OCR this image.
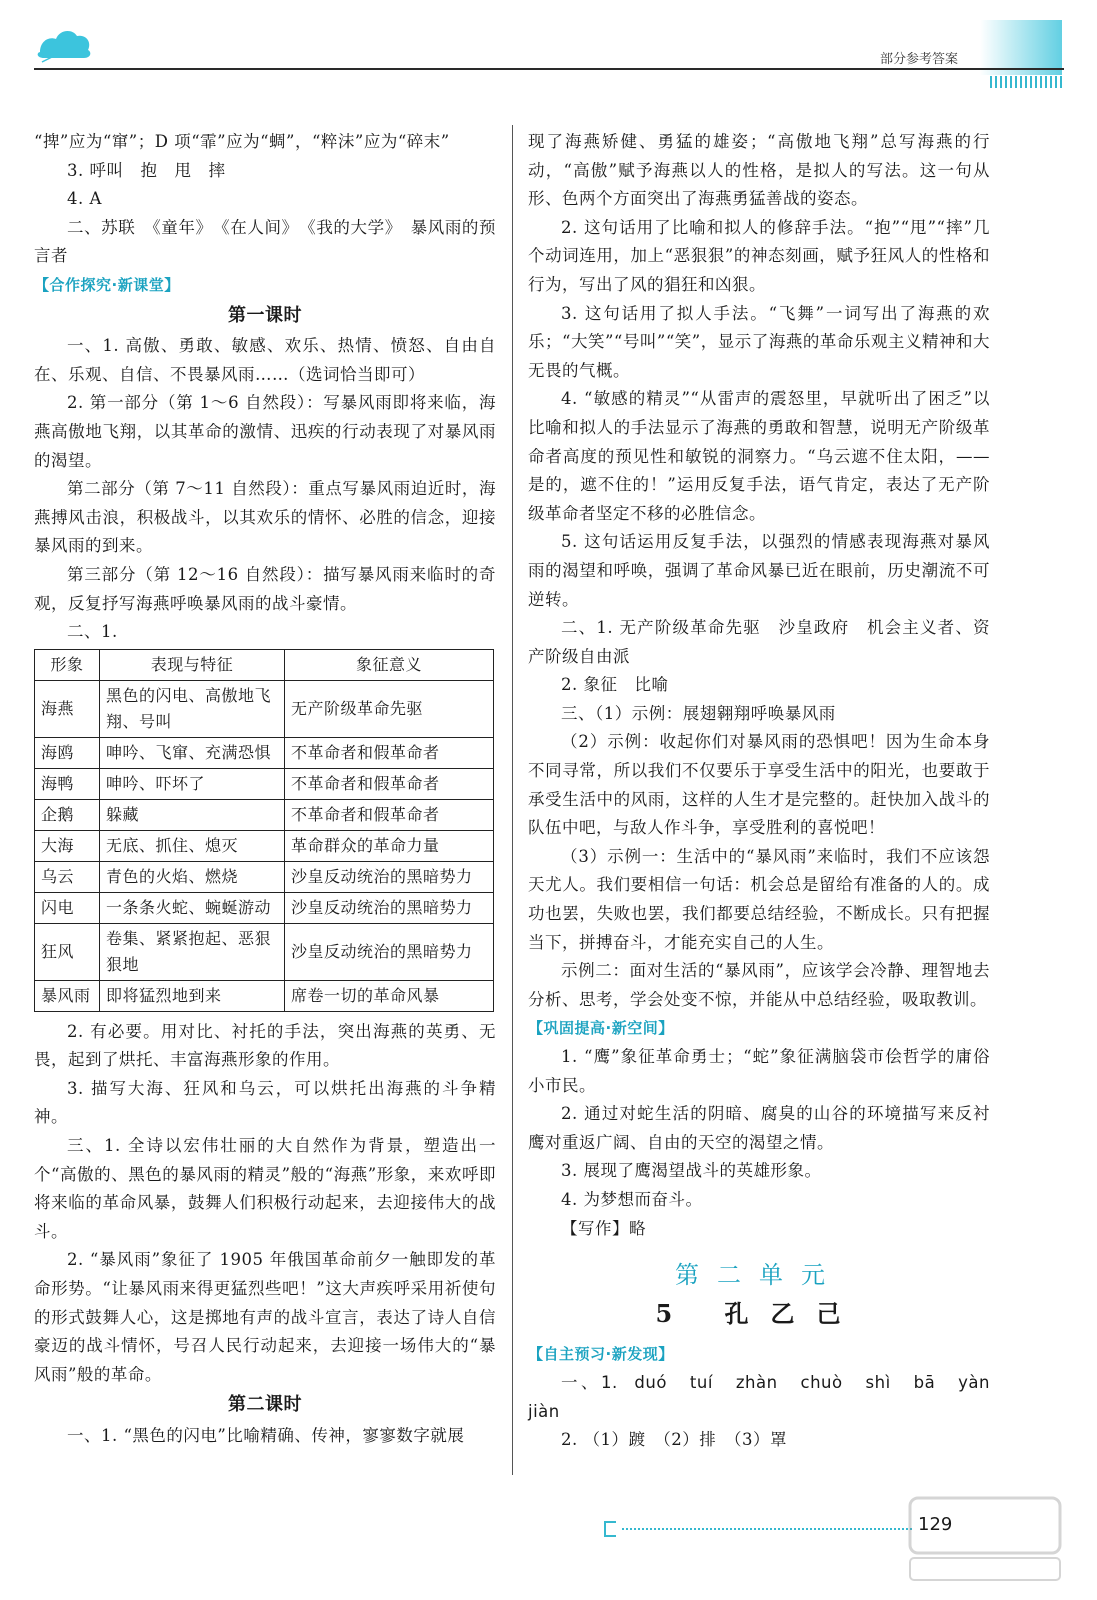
部分参考答案

“捭”应为“窜”；D 项“霏”应为“蜩”，“粹沫”应为“碎末”

3. 呼叫　抱　甩　摔

4. A

二、苏联　《童年》　《在人间》　《我的大学》　暴风雨的预言者

【合作探究·新课堂】

第一课时

一、1. 高傲、勇敢、敏感、欢乐、热情、愤怒、自由自在、乐观、自信、不畏暴风雨……（选词恰当即可）

2. 第一部分（第 1～6 自然段）：写暴风雨即将来临，海燕高傲地飞翔，以其革命的激情、迅疾的行动表现了对暴风雨的渴望。

第二部分（第 7～11 自然段）：重点写暴风雨迫近时，海燕搏风击浪，积极战斗，以其欢乐的情怀、必胜的信念，迎接暴风雨的到来。

第三部分（第 12～16 自然段）：描写暴风雨来临时的奇观，反复抒写海燕呼唤暴风雨的战斗豪情。

二、1.

形象	表现与特征	象征意义
海燕	黑色的闪电、高傲地飞翔、号叫	无产阶级革命先驱
海鸥	呻吟、飞窜、充满恐惧	不革命者和假革命者
海鸭	呻吟、吓坏了	不革命者和假革命者
企鹅	躲藏	不革命者和假革命者
大海	无底、抓住、熄灭	革命群众的革命力量
乌云	青色的火焰、燃烧	沙皇反动统治的黑暗势力
闪电	一条条火蛇、蜿蜒游动	沙皇反动统治的黑暗势力
狂风	卷集、紧紧抱起、恶狠狠地	沙皇反动统治的黑暗势力
暴风雨	即将猛烈地到来	席卷一切的革命风暴

2. 有必要。用对比、衬托的手法，突出海燕的英勇、无畏，起到了烘托、丰富海燕形象的作用。

3. 描写大海、狂风和乌云，可以烘托出海燕的斗争精神。

三、1. 全诗以宏伟壮丽的大自然作为背景，塑造出一个“高傲的、黑色的暴风雨的精灵”般的“海燕”形象，来欢呼即将来临的革命风暴，鼓舞人们积极行动起来，去迎接伟大的战斗。

2. “暴风雨”象征了 1905 年俄国革命前夕一触即发的革命形势。“让暴风雨来得更猛烈些吧！”这大声疾呼采用祈使句的形式鼓舞人心，这是掷地有声的战斗宣言，表达了诗人自信豪迈的战斗情怀，号召人民行动起来，去迎接一场伟大的“暴风雨”般的革命。

第二课时

一、1. “黑色的闪电”比喻精确、传神，寥寥数字就展

现了海燕矫健、勇猛的雄姿；“高傲地飞翔”总写海燕的行动，“高傲”赋予海燕以人的性格，是拟人的写法。这一句从形、色两个方面突出了海燕勇猛善战的姿态。

2. 这句话用了比喻和拟人的修辞手法。“抱”“甩”“摔”几个动词连用，加上“恶狠狠”的神态刻画，赋予狂风人的性格和行为，写出了风的猖狂和凶狠。

3. 这句话用了拟人手法。“飞舞”一词写出了海燕的欢乐；“大笑”“号叫”“笑”，显示了海燕的革命乐观主义精神和大无畏的气概。

4. “敏感的精灵”“从雷声的震怒里，早就听出了困乏”以比喻和拟人的手法显示了海燕的勇敢和智慧，说明无产阶级革命者高度的预见性和敏锐的洞察力。“乌云遮不住太阳，——是的，遮不住的！”运用反复手法，语气肯定，表达了无产阶级革命者坚定不移的必胜信念。

5. 这句话运用反复手法，以强烈的情感表现海燕对暴风雨的渴望和呼唤，强调了革命风暴已近在眼前，历史潮流不可逆转。

二、1. 无产阶级革命先驱　沙皇政府　机会主义者、资产阶级自由派

2. 象征　比喻

三、（1）示例：展翅翱翔呼唤暴风雨

（2）示例：收起你们对暴风雨的恐惧吧！因为生命本身不同寻常，所以我们不仅要乐于享受生活中的阳光，也要敢于承受生活中的风雨，这样的人生才是完整的。赶快加入战斗的队伍中吧，与敌人作斗争，享受胜利的喜悦吧！

（3）示例一：生活中的“暴风雨”来临时，我们不应该怨天尤人。我们要相信一句话：机会总是留给有准备的人的。成功也罢，失败也罢，我们都要总结经验，不断成长。只有把握当下，拼搏奋斗，才能充实自己的人生。

示例二：面对生活的“暴风雨”，应该学会冷静、理智地去分析、思考，学会处变不惊，并能从中总结经验，吸取教训。

【巩固提高·新空间】

1. “鹰”象征革命勇士；“蛇”象征满脑袋市侩哲学的庸俗小市民。

2. 通过对蛇生活的阴暗、腐臭的山谷的环境描写来反衬鹰对重返广阔、自由的天空的渴望之情。

3. 展现了鹰渴望战斗的英雄形象。

4. 为梦想而奋斗。

【写作】略

第二单元

5 孔乙己

【自主预习·新发现】

一、1. duó　tuí　zhàn　chuò　shì　bā　yàn　jiàn

2. （1）踱　（2）排　（3）罩

129
